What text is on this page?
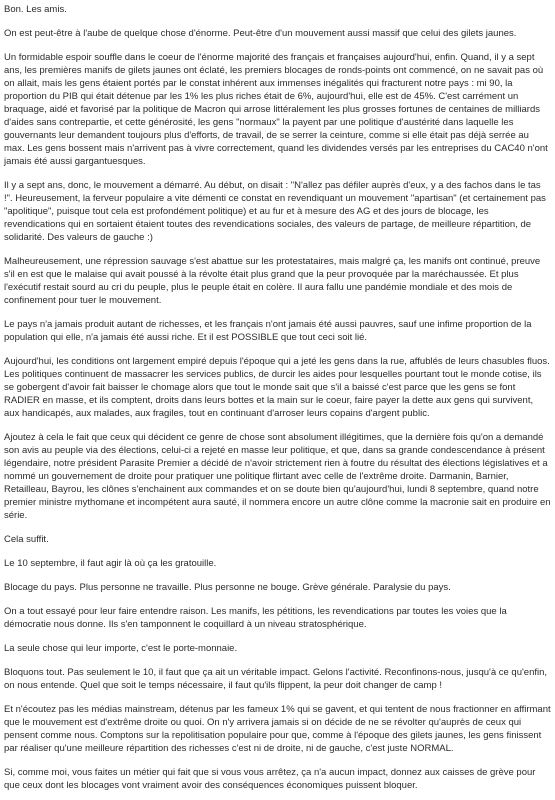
Bon. Les amis.

On est peut-être à l'aube de quelque chose d'énorme. Peut-être d'un mouvement aussi massif que celui des gilets jaunes.

Un formidable espoir souffle dans le coeur de l'énorme majorité des français et françaises aujourd'hui, enfin. Quand, il y a sept ans, les premières manifs de gilets jaunes ont éclaté, les premiers blocages de ronds-points ont commencé, on ne savait pas où on allait, mais les gens étaient portés par le constat inhérent aux immenses inégalités qui fracturent notre pays : mi 90, la proportion du PIB qui était détenue par les 1% les plus riches était de 6%, aujourd'hui, elle est de 45%. C'est carrément un braquage, aidé et favorisé par la politique de Macron qui arrose littéralement les plus grosses fortunes de centaines de milliards d'aides sans contrepartie, et cette générosité, les gens "normaux" la payent par une politique d'austérité dans laquelle les gouvernants leur demandent toujours plus d'efforts, de travail, de se serrer la ceinture, comme si elle était pas déjà serrée au max. Les gens bossent mais n'arrivent pas à vivre correctement, quand les dividendes versés par les entreprises du CAC40 n'ont jamais été aussi gargantuesques.

Il y a sept ans, donc, le mouvement a démarré. Au début, on disait : "N'allez pas défiler auprès d'eux, y a des fachos dans le tas !". Heureusement, la ferveur populaire a vite démenti ce constat en revendiquant un mouvement "apartisan" (et certainement pas "apolitique", puisque tout cela est profondément politique) et au fur et à mesure des AG et des jours de blocage, les revendications qui en sortaient étaient toutes des revendications sociales, des valeurs de partage, de meilleure répartition, de solidarité. Des valeurs de gauche :)

Malheureusement, une répression sauvage s'est abattue sur les protestataires, mais malgré ça, les manifs ont continué, preuve s'il en est que le malaise qui avait poussé à la révolte était plus grand que la peur provoquée par la maréchaussée. Et plus l'exécutif restait sourd au cri du peuple, plus le peuple était en colère. Il aura fallu une pandémie mondiale et des mois de confinement pour tuer le mouvement.

Le pays n'a jamais produit autant de richesses, et les français n'ont jamais été aussi pauvres, sauf une infime proportion de la population qui elle, n'a jamais été aussi riche. Et il est POSSIBLE que tout ceci soit lié.

Aujourd'hui, les conditions ont largement empiré depuis l'époque qui a jeté les gens dans la rue, affublés de leurs chasubles fluos. Les politiques continuent de massacrer les services publics, de durcir les aides pour lesquelles pourtant tout le monde cotise, ils se gobergent d'avoir fait baisser le chomage alors que tout le monde sait que s'il a baissé c'est parce que les gens se font RADIER en masse, et ils comptent, droits dans leurs bottes et la main sur le coeur, faire payer la dette aux gens qui survivent, aux handicapés, aux malades, aux fragiles, tout en continuant d'arroser leurs copains d'argent public.

Ajoutez à cela le fait que ceux qui décident ce genre de chose sont absolument illégitimes, que la dernière fois qu'on a demandé son avis au peuple via des élections, celui-ci a rejeté en masse leur politique, et que, dans sa grande condescendance à présent légendaire, notre président Parasite Premier a décidé de n'avoir strictement rien à foutre du résultat des élections législatives et a nommé un gouvernement de droite pour pratiquer une politique flirtant avec celle de l'extrême droite. Darmanin, Barnier, Retailleau, Bayrou, les clônes s'enchainent aux commandes et on se doute bien qu'aujourd'hui, lundi 8 septembre, quand notre premier ministre mythomane et incompétent aura sauté, il nommera encore un autre clône comme la macronie sait en produire en série.

Cela suffit.

Le 10 septembre, il faut agir là où ça les gratouille.

Blocage du pays. Plus personne ne travaille. Plus personne ne bouge. Grève générale. Paralysie du pays.

On a tout essayé pour leur faire entendre raison. Les manifs, les pétitions, les revendications par toutes les voies que la démocratie nous donne. Ils s'en tamponnent le coquillard à un niveau stratosphérique.

La seule chose qui leur importe, c'est le porte-monnaie.

Bloquons tout. Pas seulement le 10, il faut que ça ait un véritable impact. Gelons l'activité. Reconfinons-nous, jusqu'à ce qu'enfin, on nous entende. Quel que soit le temps nécessaire, il faut qu'ils flippent, la peur doit changer de camp !

Et n'écoutez pas les médias mainstream, détenus par les fameux 1% qui se gavent, et qui tentent de nous fractionner en affirmant que le mouvement est d'extrême droite ou quoi. On n'y arrivera jamais si on décide de ne se révolter qu'auprès de ceux qui pensent comme nous. Comptons sur la repolitisation populaire pour que, comme à l'époque des gilets jaunes, les gens finissent par réaliser qu'une meilleure répartition des richesses c'est ni de droite, ni de gauche, c'est juste NORMAL.

Si, comme moi, vous faites un métier qui fait que si vous vous arrêtez, ça n'a aucun impact, donnez aux caisses de grève pour que ceux dont les blocages vont vraiment avoir des conséquences économiques puissent bloquer.
